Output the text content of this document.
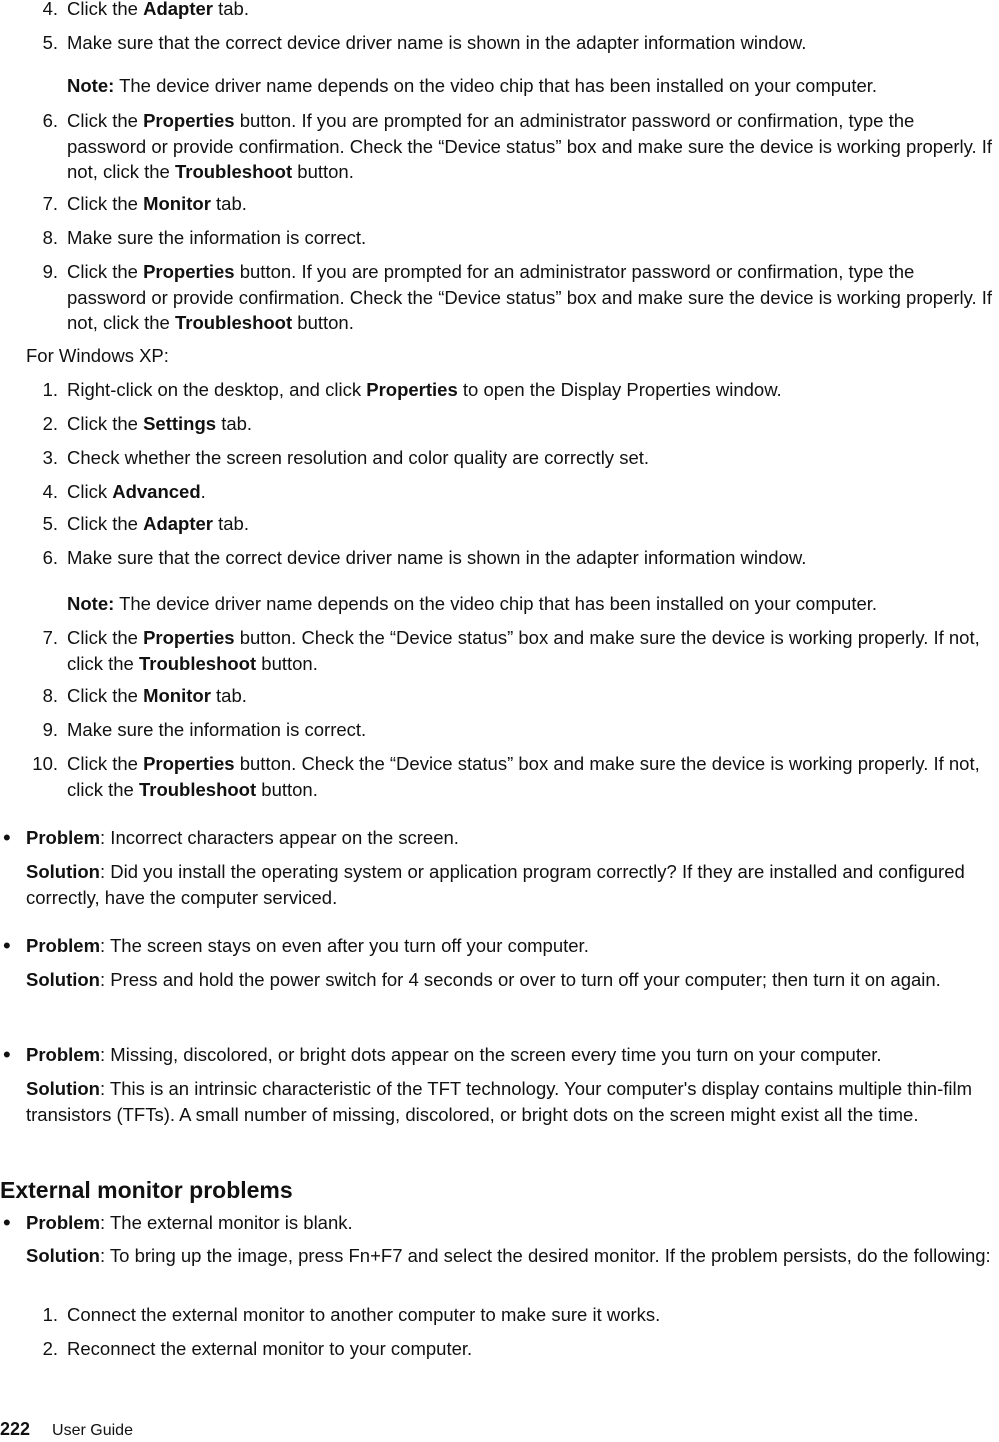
4. Click the Adapter tab.
5. Make sure that the correct device driver name is shown in the adapter information window.
Note: The device driver name depends on the video chip that has been installed on your computer.
6. Click the Properties button. If you are prompted for an administrator password or confirmation, type the password or provide confirmation. Check the “Device status” box and make sure the device is working properly. If not, click the Troubleshoot button.
7. Click the Monitor tab.
8. Make sure the information is correct.
9. Click the Properties button. If you are prompted for an administrator password or confirmation, type the password or provide confirmation. Check the “Device status” box and make sure the device is working properly. If not, click the Troubleshoot button.
For Windows XP:
1. Right-click on the desktop, and click Properties to open the Display Properties window.
2. Click the Settings tab.
3. Check whether the screen resolution and color quality are correctly set.
4. Click Advanced.
5. Click the Adapter tab.
6. Make sure that the correct device driver name is shown in the adapter information window.
Note: The device driver name depends on the video chip that has been installed on your computer.
7. Click the Properties button. Check the “Device status” box and make sure the device is working properly. If not, click the Troubleshoot button.
8. Click the Monitor tab.
9. Make sure the information is correct.
10. Click the Properties button. Check the “Device status” box and make sure the device is working properly. If not, click the Troubleshoot button.
• Problem: Incorrect characters appear on the screen.
Solution: Did you install the operating system or application program correctly? If they are installed and configured correctly, have the computer serviced.
• Problem: The screen stays on even after you turn off your computer.
Solution: Press and hold the power switch for 4 seconds or over to turn off your computer; then turn it on again.
• Problem: Missing, discolored, or bright dots appear on the screen every time you turn on your computer.
Solution: This is an intrinsic characteristic of the TFT technology. Your computer's display contains multiple thin-film transistors (TFTs). A small number of missing, discolored, or bright dots on the screen might exist all the time.
External monitor problems
• Problem: The external monitor is blank.
Solution: To bring up the image, press Fn+F7 and select the desired monitor. If the problem persists, do the following:
1. Connect the external monitor to another computer to make sure it works.
2. Reconnect the external monitor to your computer.
222 User Guide
